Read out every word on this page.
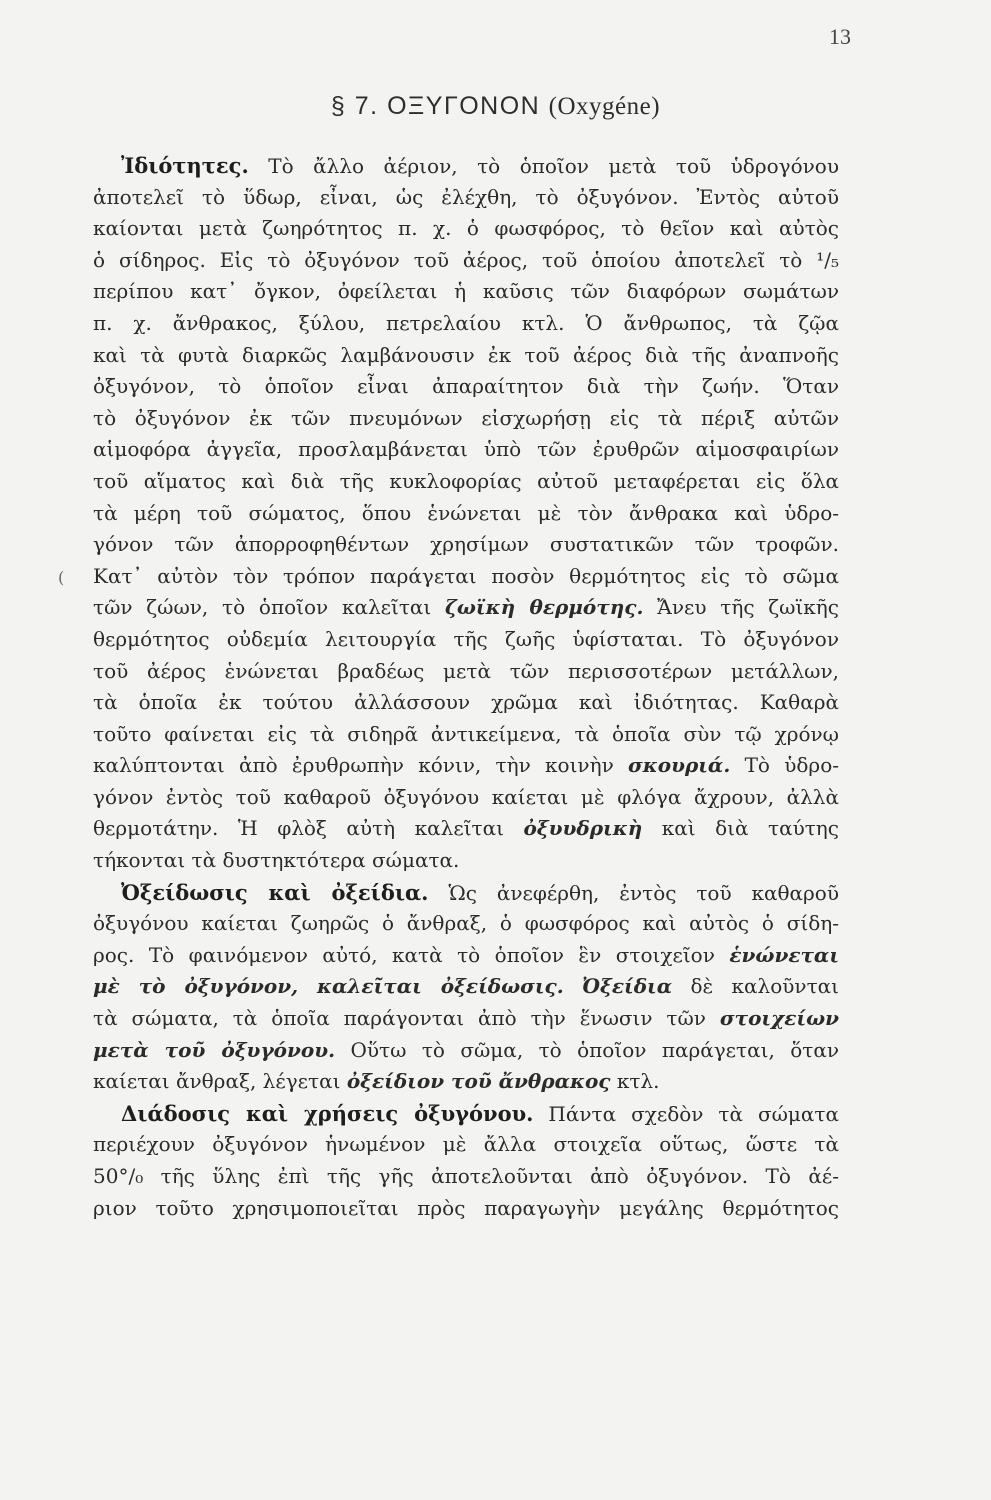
13
§ 7. ΟΞΥΓΟΝΟΝ (Oxygéne)
(
Ἰδιότητες. Τὸ ἄλλο ἀέριον, τὸ ὁποῖον μετὰ τοῦ ὑδρογόνου
ἀποτελεῖ τὸ ὕδωρ, εἶναι, ὡς ἐλέχθη, τὸ ὀξυγόνον. Ἐντὸς αὐτοῦ
καίονται μετὰ ζωηρότητος π. χ. ὁ φωσφόρος, τὸ θεῖον καὶ αὐτὸς
ὁ σίδηρος. Εἰς τὸ ὀξυγόνον τοῦ ἀέρος, τοῦ ὁποίου ἀποτελεῖ τὸ ¹/₅
περίπου κατ᾽ ὄγκον, ὀφείλεται ἡ καῦσις τῶν διαφόρων σωμάτων
π. χ. ἄνθρακος, ξύλου, πετρελαίου κτλ. Ὁ ἄνθρωπος, τὰ ζῷα
καὶ τὰ φυτὰ διαρκῶς λαμβάνουσιν ἐκ τοῦ ἀέρος διὰ τῆς ἀναπνοῆς
ὀξυγόνον, τὸ ὁποῖον εἶναι ἀπαραίτητον διὰ τὴν ζωήν. Ὅταν
τὸ ὀξυγόνον ἐκ τῶν πνευμόνων εἰσχωρήσῃ εἰς τὰ πέριξ αὐτῶν
αἱμοφόρα ἀγγεῖα, προσλαμβάνεται ὑπὸ τῶν ἐρυθρῶν αἱμοσφαιρίων
τοῦ αἵματος καὶ διὰ τῆς κυκλοφορίας αὐτοῦ μεταφέρεται εἰς ὅλα
τὰ μέρη τοῦ σώματος, ὅπου ἑνώνεται μὲ τὸν ἄνθρακα καὶ ὑδρο-
γόνον τῶν ἀπορροφηθέντων χρησίμων συστατικῶν τῶν τροφῶν.
Κατ᾽ αὐτὸν τὸν τρόπον παράγεται ποσὸν θερμότητος εἰς τὸ σῶμα
τῶν ζώων, τὸ ὁποῖον καλεῖται ζωϊκὴ θερμότης. Ἄνευ τῆς ζωϊκῆς
θερμότητος οὐδεμία λειτουργία τῆς ζωῆς ὑφίσταται. Τὸ ὀξυγόνον
τοῦ ἀέρος ἑνώνεται βραδέως μετὰ τῶν περισσοτέρων μετάλλων,
τὰ ὁποῖα ἐκ τούτου ἀλλάσσουν χρῶμα καὶ ἰδιότητας. Καθαρὰ
τοῦτο φαίνεται εἰς τὰ σιδηρᾶ ἀντικείμενα, τὰ ὁποῖα σὺν τῷ χρόνῳ
καλύπτονται ἀπὸ ἐρυθρωπὴν κόνιν, τὴν κοινὴν σκουριά. Τὸ ὑδρο-
γόνον ἐντὸς τοῦ καθαροῦ ὀξυγόνου καίεται μὲ φλόγα ἄχρουν, ἀλλὰ
θερμοτάτην. Ἡ φλὸξ αὐτὴ καλεῖται ὀξυυδρικὴ καὶ διὰ ταύτης
τήκονται τὰ δυστηκτότερα σώματα.
Ὀξείδωσις καὶ ὀξείδια. Ὡς ἀνεφέρθη, ἐντὸς τοῦ καθαροῦ
ὀξυγόνου καίεται ζωηρῶς ὁ ἄνθραξ, ὁ φωσφόρος καὶ αὐτὸς ὁ σίδη-
ρος. Τὸ φαινόμενον αὐτό, κατὰ τὸ ὁποῖον ἓν στοιχεῖον ἑνώνεται
μὲ τὸ ὀξυγόνον, καλεῖται ὀξείδωσις. Ὀξείδια δὲ καλοῦνται
τὰ σώματα, τὰ ὁποῖα παράγονται ἀπὸ τὴν ἕνωσιν τῶν στοιχείων
μετὰ τοῦ ὀξυγόνου. Οὕτω τὸ σῶμα, τὸ ὁποῖον παράγεται, ὅταν
καίεται ἄνθραξ, λέγεται ὀξείδιον τοῦ ἄνθρακος κτλ.
Διάδοσις καὶ χρήσεις ὀξυγόνου. Πάντα σχεδὸν τὰ σώματα
περιέχουν ὀξυγόνον ἡνωμένον μὲ ἄλλα στοιχεῖα οὕτως, ὥστε τὰ
50°/₀ τῆς ὕλης ἐπὶ τῆς γῆς ἀποτελοῦνται ἀπὸ ὀξυγόνον. Τὸ ἀέ-
ριον τοῦτο χρησιμοποιεῖται πρὸς παραγωγὴν μεγάλης θερμότητος
